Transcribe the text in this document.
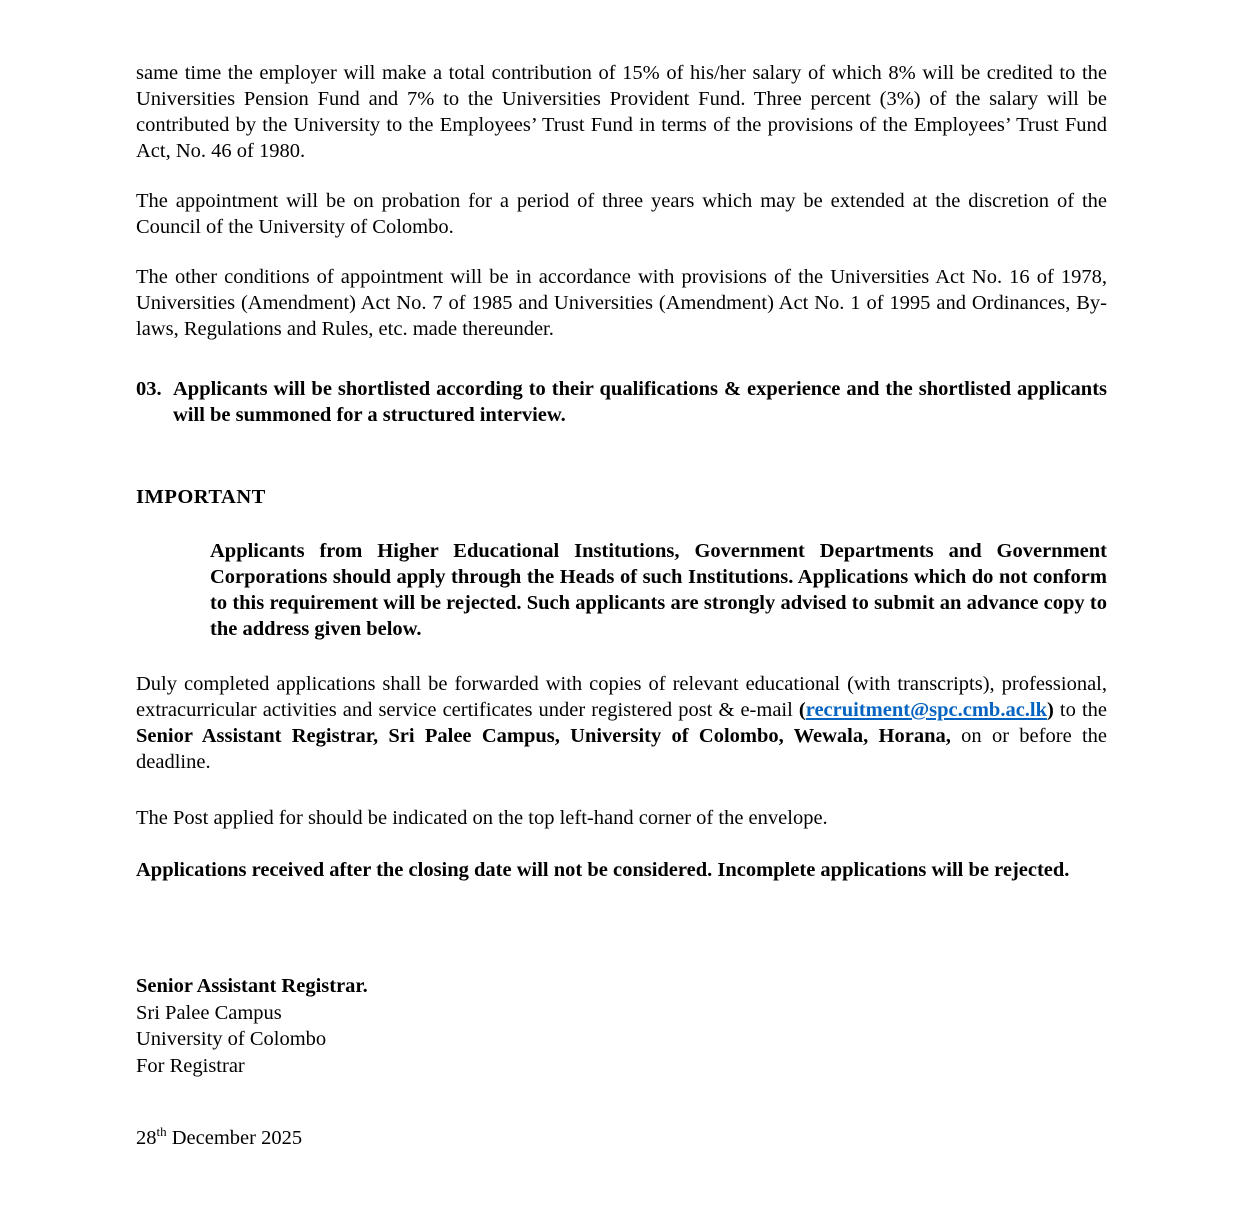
same time the employer will make a total contribution of 15% of his/her salary of which 8% will be credited to the Universities Pension Fund and 7% to the Universities Provident Fund. Three percent (3%) of the salary will be contributed by the University to the Employees’ Trust Fund in terms of the provisions of the Employees’ Trust Fund Act, No. 46 of 1980.

The appointment will be on probation for a period of three years which may be extended at the discretion of the Council of the University of Colombo.

The other conditions of appointment will be in accordance with provisions of the Universities Act No. 16 of 1978, Universities (Amendment) Act No. 7 of 1985 and Universities (Amendment) Act No. 1 of 1995 and Ordinances, By-laws, Regulations and Rules, etc. made thereunder.

03. Applicants will be shortlisted according to their qualifications & experience and the shortlisted applicants will be summoned for a structured interview.
IMPORTANT

Applicants from Higher Educational Institutions, Government Departments and Government Corporations should apply through the Heads of such Institutions. Applications which do not conform to this requirement will be rejected. Such applicants are strongly advised to submit an advance copy to the address given below.

Duly completed applications shall be forwarded with copies of relevant educational (with transcripts), professional, extracurricular activities and service certificates under registered post & e-mail (recruitment@spc.cmb.ac.lk) to the Senior Assistant Registrar, Sri Palee Campus, University of Colombo, Wewala, Horana, on or before the deadline.

The Post applied for should be indicated on the top left-hand corner of the envelope.

Applications received after the closing date will not be considered. Incomplete applications will be rejected.

Senior Assistant Registrar.
Sri Palee Campus
University of Colombo
For Registrar
28th December 2025
